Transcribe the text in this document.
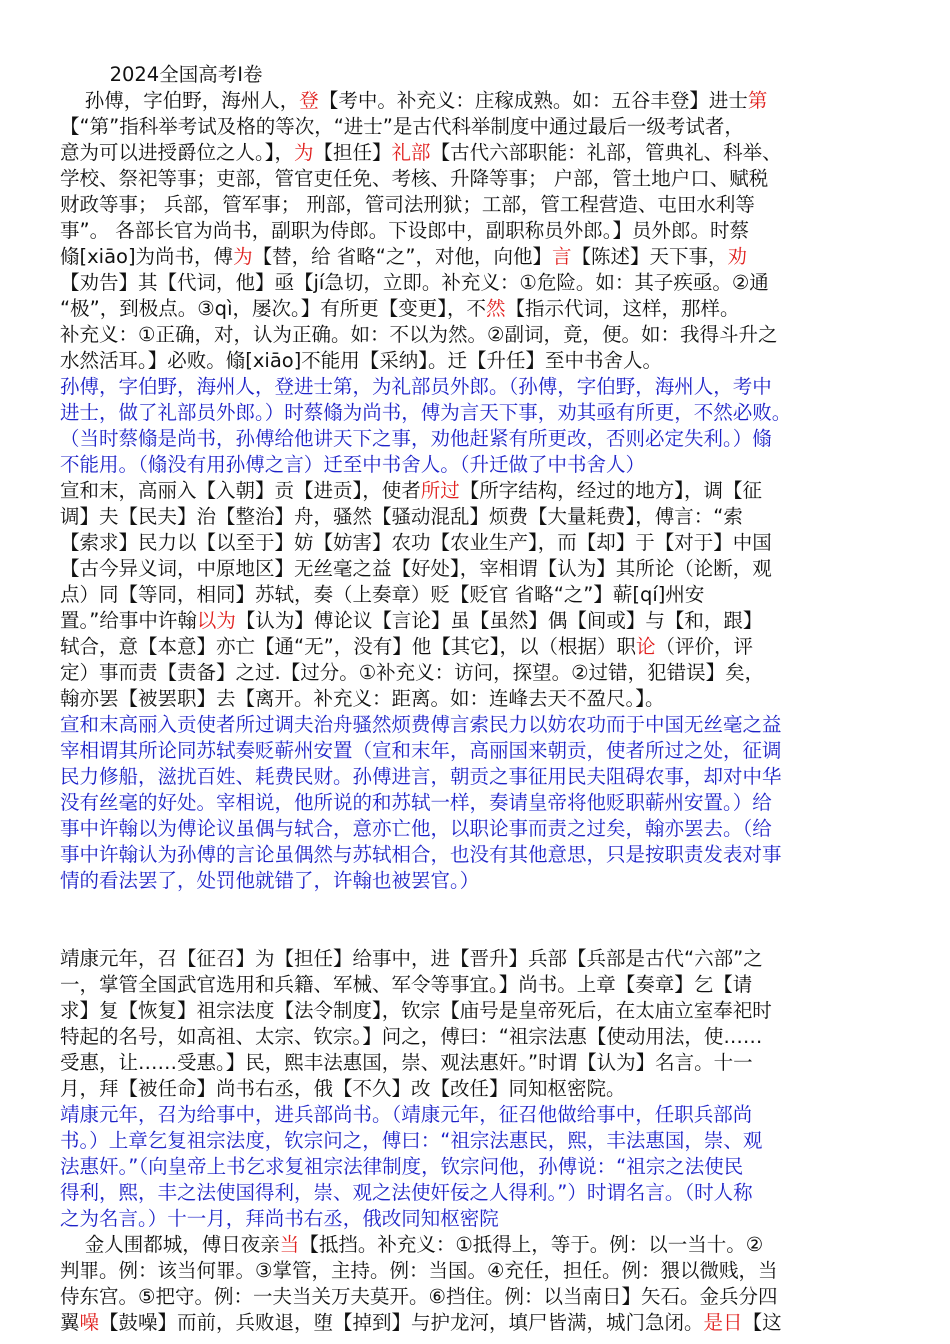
2024全国高考Ⅰ卷
孙傅，字伯野，海州人，登【考中。补充义：庄稼成熟。如：五谷丰登】进士第
【“第”指科举考试及格的等次，“进士”是古代科举制度中通过最后一级考试者，
意为可以进授爵位之人。】，为【担任】礼部【古代六部职能：礼部，管典礼、科举、
学校、祭祀等事；吏部，管官吏任免、考核、升降等事； 户部，管土地户口、赋税
财政等事； 兵部，管军事； 刑部，管司法刑狱；工部，管工程营造、屯田水利等
事”。 各部长官为尚书，副职为侍郎。下设郎中，副职称员外郎。】员外郎。时蔡
翛[xiāo]为尚书，傅为【替，给 省略“之”，对他，向他】言【陈述】天下事，劝
【劝告】其【代词，他】亟【jí急切，立即。补充义：①危险。如：其子疾亟。②通
“极”，到极点。③qì，屡次。】有所更【变更】，不然【指示代词，这样，那样。
补充义：①正确，对，认为正确。如：不以为然。②副词，竟，便。如：我得斗升之
水然活耳。】必败。翛[xiāo]不能用【采纳】。迁【升任】至中书舍人。
孙傅，字伯野，海州人，登进士第，为礼部员外郎。（孙傅，字伯野，海州人，考中
进士，做了礼部员外郎。）时蔡翛为尚书，傅为言天下事，劝其亟有所更，不然必败。
（当时蔡翛是尚书，孙傅给他讲天下之事，劝他赶紧有所更改，否则必定失利。）翛
不能用。（翛没有用孙傅之言）迁至中书舍人。（升迁做了中书舍人）
宣和末，高丽入【入朝】贡【进贡】，使者所过【所字结构，经过的地方】，调【征
调】夫【民夫】治【整治】舟，骚然【骚动混乱】烦费【大量耗费】，傅言：“索
【索求】民力以【以至于】妨【妨害】农功【农业生产】，而【却】于【对于】中国
【古今异义词，中原地区】无丝毫之益【好处】，宰相谓【认为】其所论（论断，观
点）同【等同，相同】苏轼，奏（上奏章）贬【贬官 省略“之”】蕲[qí]州安
置。”给事中许翰以为【认为】傅论议【言论】虽【虽然】偶【间或】与【和，跟】
轼合，意【本意】亦亡【通“无”，没有】他【其它】，以（根据）职论（评价，评
定）事而责【责备】之过.【过分。①补充义：访问，探望。②过错，犯错误】矣，
翰亦罢【被罢职】去【离开。补充义：距离。如：连峰去天不盈尺。】。
宣和末高丽入贡使者所过调夫治舟骚然烦费傅言索民力以妨农功而于中国无丝毫之益
宰相谓其所论同苏轼奏贬蕲州安置（宣和末年，高丽国来朝贡，使者所过之处，征调
民力修船，滋扰百姓、耗费民财。孙傅进言，朝贡之事征用民夫阻碍农事，却对中华
没有丝毫的好处。宰相说，他所说的和苏轼一样，奏请皇帝将他贬职蕲州安置。）给
事中许翰以为傅论议虽偶与轼合，意亦亡他，以职论事而责之过矣，翰亦罢去。（给
事中许翰认为孙傅的言论虽偶然与苏轼相合，也没有其他意思，只是按职责发表对事
情的看法罢了，处罚他就错了，许翰也被罢官。）
靖康元年，召【征召】为【担任】给事中，进【晋升】兵部【兵部是古代“六部”之
一，掌管全国武官选用和兵籍、军械、军令等事宜。】尚书。上章【奏章】乞【请
求】复【恢复】祖宗法度【法令制度】，钦宗【庙号是皇帝死后，在太庙立室奉祀时
特起的名号，如高祖、太宗、钦宗。】问之，傅曰：“祖宗法惠【使动用法，使……
受惠，让……受惠。】民，熙丰法惠国，崇、观法惠奸。”时谓【认为】名言。十一
月，拜【被任命】尚书右丞，俄【不久】改【改任】同知枢密院。
靖康元年，召为给事中，进兵部尚书。（靖康元年，征召他做给事中，任职兵部尚
书。）上章乞复祖宗法度，钦宗问之，傅曰：“祖宗法惠民，熙，丰法惠国，崇、观
法惠奸。”（向皇帝上书乞求复祖宗法律制度，钦宗问他，孙傅说：“祖宗之法使民
得利，熙，丰之法使国得利，崇、观之法使奸佞之人得利。”）时谓名言。（时人称
之为名言。）十一月，拜尚书右丞，俄改同知枢密院
金人围都城，傅日夜亲当【抵挡。补充义：①抵得上，等于。例：以一当十。②
判罪。例：该当何罪。③掌管，主持。例：当国。④充任，担任。例：猥以微贱，当
侍东宫。⑤把守。例：一夫当关万夫莫开。⑥挡住。例：以当南日】矢石。金兵分四
翼噪【鼓噪】而前，兵败退，堕【掉到】与护龙河，填尸皆满，城门急闭。是日【这
